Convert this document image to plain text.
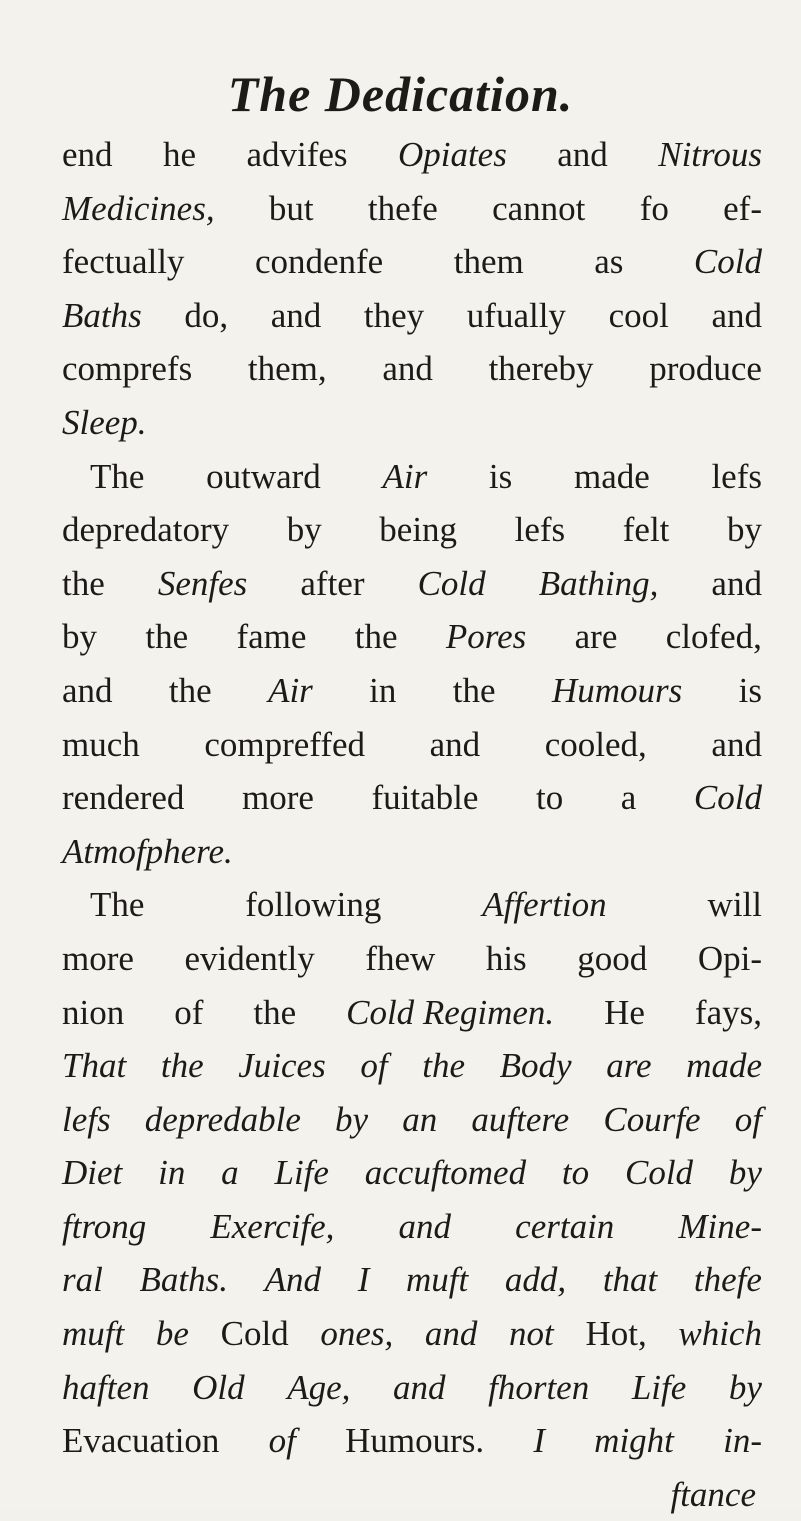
The Dedication.
end he advifes Opiates and Nitrous
Medicines, but thefe cannot fo ef-
fectually condenfe them as Cold
Baths do, and they ufually cool and
comprefs them, and thereby produce
Sleep.
The outward Air is made lefs
depredatory by being lefs felt by
the Senfes after Cold Bathing, and
by the fame the Pores are clofed,
and the Air in the Humours is
much compreffed and cooled, and
rendered more fuitable to a Cold
Atmofphere.
The	following	Affertion	will
more evidently fhew his good Opi-
nion of the Cold Regimen. He fays,
That the Juices of the Body are made
lefs depredable by an auftere Courfe of
Diet in a Life accuftomed to Cold by
ftrong Exercife, and certain Mine-
ral Baths. And I muft add, that thefe
muft be Cold ones, and not Hot, which
haften Old Age, and fhorten Life by
Evacuation of Humours. I might in-
ftance
